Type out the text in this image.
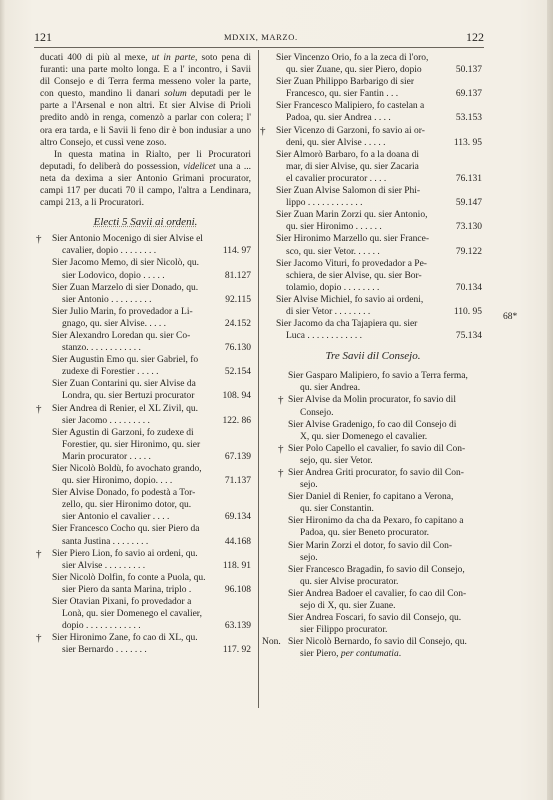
121	MDXIX, MARZO.	122

ducati 400 di più al mexe, ut in parte, soto pena di furanti: una parte molto longa. E a l' incontro, i Savii dil Consejo e di Terra ferma messeno voler la parte, con questo, mandino li danari solum deputadi per le parte a l'Arsenal e non altri. Et sier Alvise di Prioli predito andò in renga, comenzò a parlar con colera; l' ora era tarda, e li Savii li feno dir è bon indusiar a uno altro Consejo, et cussì vene zoso.

In questa matina in Rialto, per li Procuratori deputadi, fo deliberà do possession, videlicet una a ... neta da dexima a sier Antonio Grimani procurator, campi 117 per ducati 70 il campo, l'altra a Lendinara, campi 213, a li Procuratori.

Electi 5 Savii ai ordeni.

† Sier Antonio Mocenigo di sier Alvise el
cavalier, dopio . . . . . . . .	114. 97
Sier Jacomo Memo, di sier Nicolò, qu.
sier Lodovico, dopio . . . . .	81.127
Sier Zuan Marzelo di sier Donado, qu.
sier Antonio . . . . . . . . .	92.115
Sier Julio Marin, fo provedador a Li-
gnago, qu. sier Alvise. . . . .	24.152
Sier Alexandro Loredan qu. sier Co-
stanzo. . . . . . . . . . . .	76.130
Sier Augustin Emo qu. sier Gabriel, fo
zudexe di Forestier . . . . .	52.154
Sier Zuan Contarini qu. sier Alvise da
Londra, qu. sier Bertuzi procurator	108. 94
† Sier Andrea di Renier, el XL Zivil, qu.
sier Jacomo . . . . . . . . .	122. 86
Sier Agustin di Garzoni, fo zudexe di
Forestier, qu. sier Hironimo, qu. sier
Marin procurator . . . . .	67.139
Sier Nicolò Boldù, fo avochato grando,
qu. sier Hironimo, dopio. . . .	71.137
Sier Alvise Donado, fo podestà a Tor-
zello, qu. sier Hironimo dotor, qu.
sier Antonio el cavalier . . . .	69.134
Sier Francesco Cocho qu. sier Piero da
santa Justina . . . . . . . .	44.168
† Sier Piero Lion, fo savio ai ordeni, qu.
sier Alvise . . . . . . . . .	118. 91
Sier Nicolò Dolfin, fo conte a Puola, qu.
sier Piero da santa Marina, triplo .	96.108
Sier Otavian Pixani, fo provedador a
Lonà, qu. sier Domenego el cavalier,
dopio . . . . . . . . . . . .	63.139
† Sier Hironimo Zane, fo cao di XL, qu.
sier Bernardo . . . . . . .	117. 92
Sier Vincenzo Orio, fo a la zeca di l'oro,
qu. sier Zuane, qu. sier Piero, dopio	50.137
Sier Zuan Philippo Barbarigo di sier
Francesco, qu. sier Fantin . . .	69.137
Sier Francesco Malipiero, fo castelan a
Padoa, qu. sier Andrea . . . .	53.153
† Sier Vicenzo di Garzoni, fo savio ai or-
deni, qu. sier Alvise . . . . .	113. 95
Sier Almorò Barbaro, fo a la doana di
mar, di sier Alvise, qu. sier Zacaria
el cavalier procurator . . . .	76.131
Sier Zuan Alvise Salomon di sier Phi-
lippo . . . . . . . . . . . .	59.147
Sier Zuan Marin Zorzi qu. sier Antonio,
qu. sier Hironimo . . . . . .	73.130
Sier Hironimo Marzello qu. sier France-
sco, qu. sier Vetor. . . . . .	79.122
Sier Jacomo Vituri, fo provedador a Pe-
schiera, de sier Alvise, qu. sier Bor-
tolamio, dopio . . . . . . . .	70.134
Sier Alvise Michiel, fo savio ai ordeni,
di sier Vetor . . . . . . . .	110. 95
Sier Jacomo da cha Tajapiera qu. sier
Luca . . . . . . . . . . . .	75.134

Tre Savii dil Consejo.

Sier Gasparo Malipiero, fo savio a Terra ferma,
qu. sier Andrea.
† Sier Alvise da Molin procurator, fo savio dil
Consejo.
Sier Alvise Gradenigo, fo cao dil Consejo di
X, qu. sier Domenego el cavalier.
† Sier Polo Capello el cavalier, fo savio dil Con-
sejo, qu. sier Vetor.
† Sier Andrea Griti procurator, fo savio dil Con-
sejo.
Sier Daniel di Renier, fo capitano a Verona,
qu. sier Constantin.
Sier Hironimo da cha da Pexaro, fo capitano a
Padoa, qu. sier Beneto procurator.
Sier Marin Zorzi el dotor, fo savio dil Con-
sejo.
Sier Francesco Bragadin, fo savio dil Consejo,
qu. sier Alvise procurator.
Sier Andrea Badoer el cavalier, fo cao dil Con-
sejo di X, qu. sier Zuane.
Sier Andrea Foscari, fo savio dil Consejo, qu.
sier Filippo procurator.
Non. Sier Nicolò Bernardo, fo savio dil Consejo, qu.
sier Piero, per contumatia.
68*
